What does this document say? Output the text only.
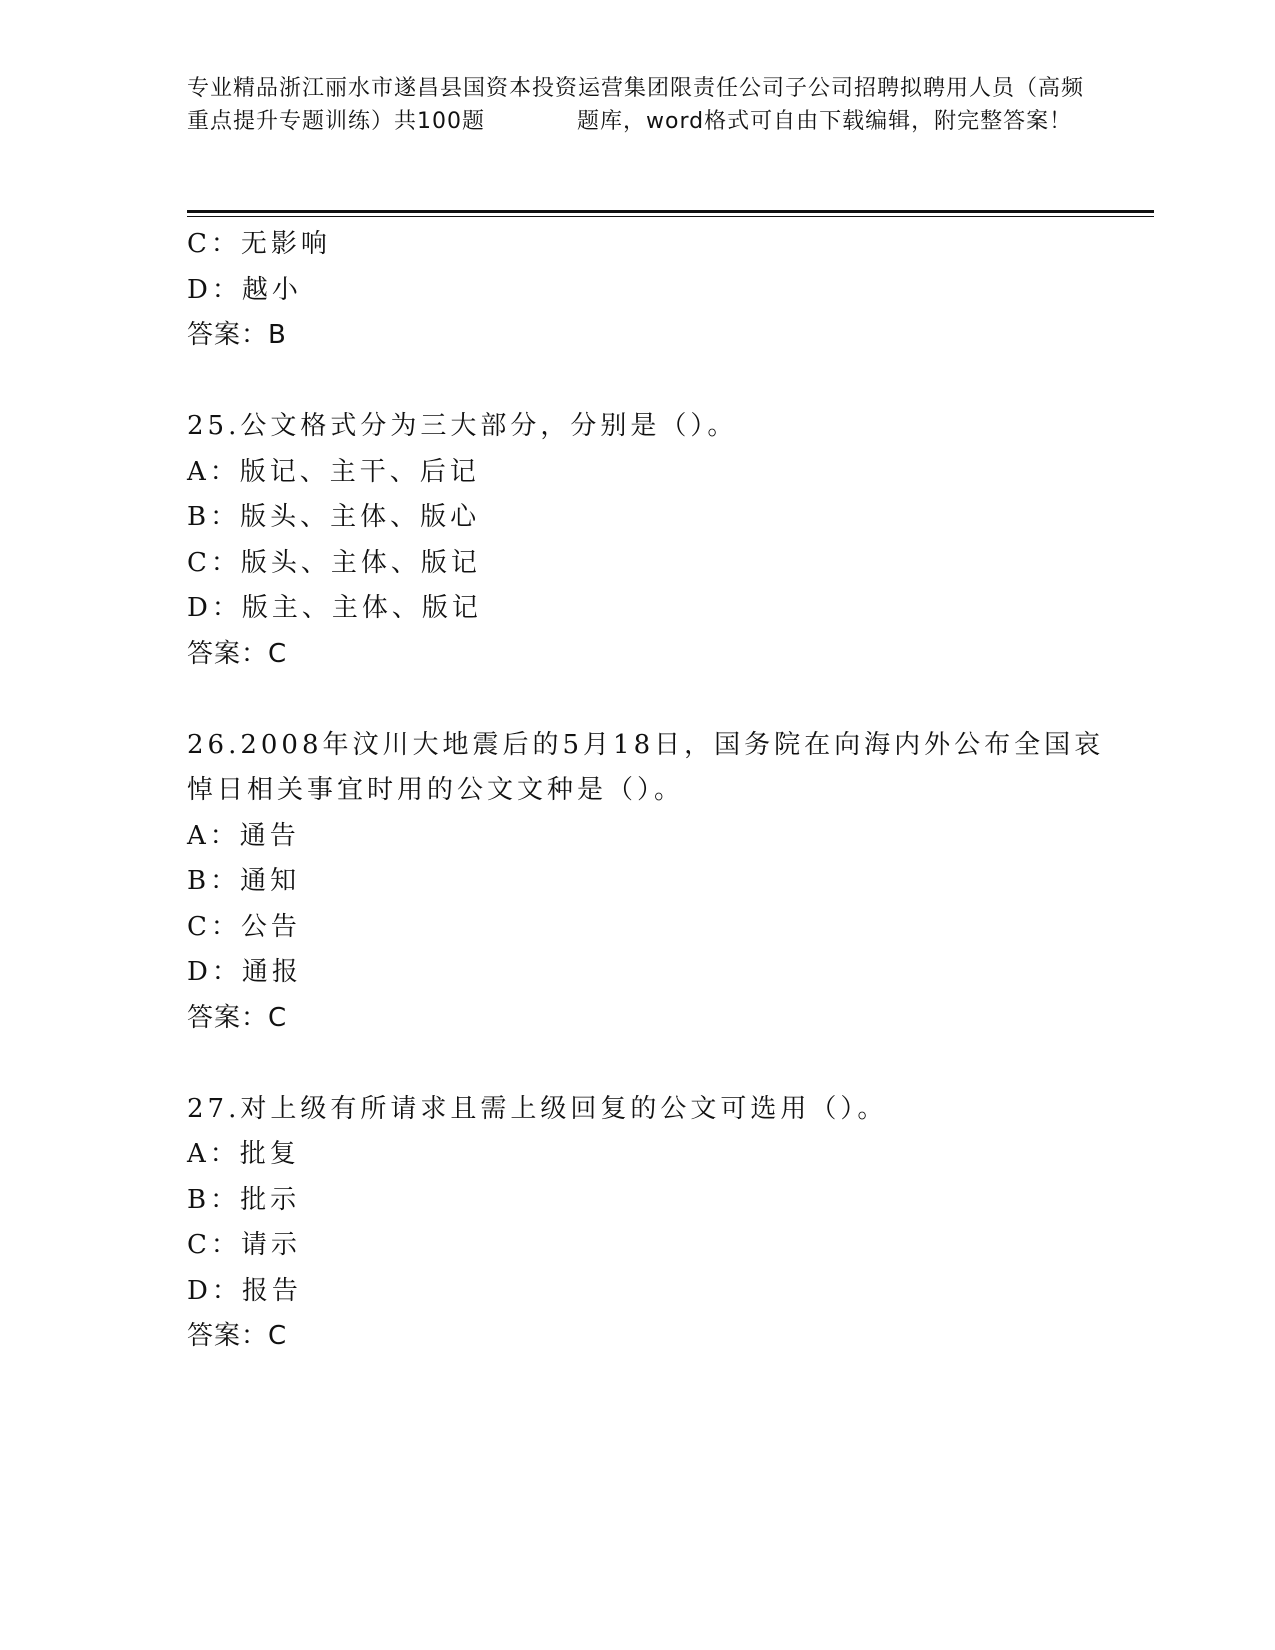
专业精品浙江丽水市遂昌县国资本投资运营集团限责任公司子公司招聘拟聘用人员（高频重点提升专题训练）共100题　　　　题库，word格式可自由下载编辑，附完整答案！
C：无影响
D：越小
答案：B
25.公文格式分为三大部分，分别是（）。
A：版记、主干、后记
B：版头、主体、版心
C：版头、主体、版记
D：版主、主体、版记
答案：C
26.2008年汶川大地震后的5月18日，国务院在向海内外公布全国哀
悼日相关事宜时用的公文文种是（）。
A：通告
B：通知
C：公告
D：通报
答案：C
27.对上级有所请求且需上级回复的公文可选用（）。
A：批复
B：批示
C：请示
D：报告
答案：C
